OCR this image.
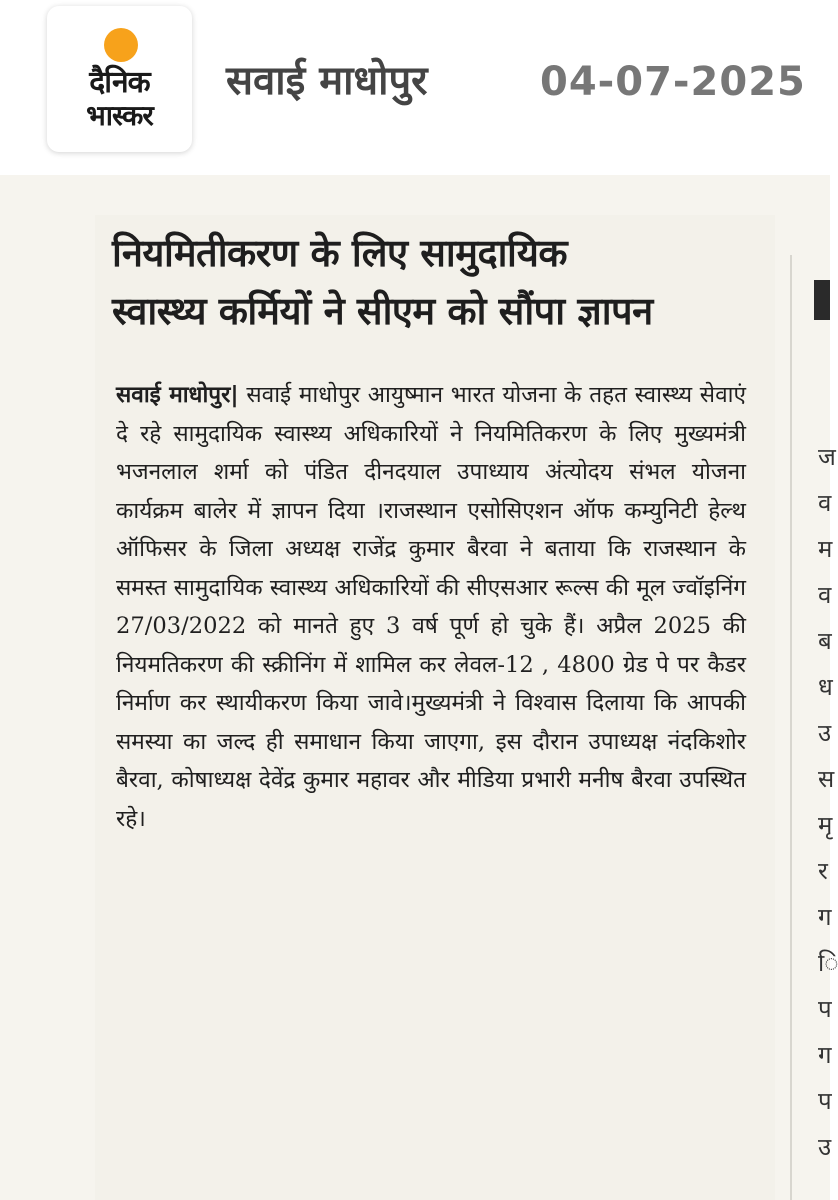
दैनिक
भास्कर
सवाई माधोपुर	04-07-2025
नियमितीकरण के लिए सामुदायिक
स्वास्थ्य कर्मियों ने सीएम को सौंपा ज्ञापन
सवाई माधोपुर| सवाई माधोपुर आयुष्मान भारत योजना के तहत स्वास्थ्य सेवाएं दे रहे सामुदायिक स्वास्थ्य अधिकारियों ने नियमितिकरण के लिए मुख्यमंत्री भजनलाल शर्मा को पंडित दीनदयाल उपाध्याय अंत्योदय संभल योजना कार्यक्रम बालेर में ज्ञापन दिया ।राजस्थान एसोसिएशन ऑफ कम्युनिटी हेल्थ ऑफिसर के जिला अध्यक्ष राजेंद्र कुमार बैरवा ने बताया कि राजस्थान के समस्त सामुदायिक स्वास्थ्य अधिकारियों की सीएसआर रूल्स की मूल ज्वॉइनिंग 27/03/2022 को मानते हुए 3 वर्ष पूर्ण हो चुके हैं। अप्रैल 2025 की नियमतिकरण की स्क्रीनिंग में शामिल कर लेवल-12 , 4800 ग्रेड पे पर कैडर निर्माण कर स्थायीकरण किया जावे।मुख्यमंत्री ने विश्वास दिलाया कि आपकी समस्या का जल्द ही समाधान किया जाएगा, इस दौरान उपाध्यक्ष नंदकिशोर बैरवा, कोषाध्यक्ष देवेंद्र कुमार महावर और मीडिया प्रभारी मनीष बैरवा उपस्थित रहे।
ज
व
म
व
ब
ध
उ
स
मृ
र
ग
ि
प
ग
प
उ
